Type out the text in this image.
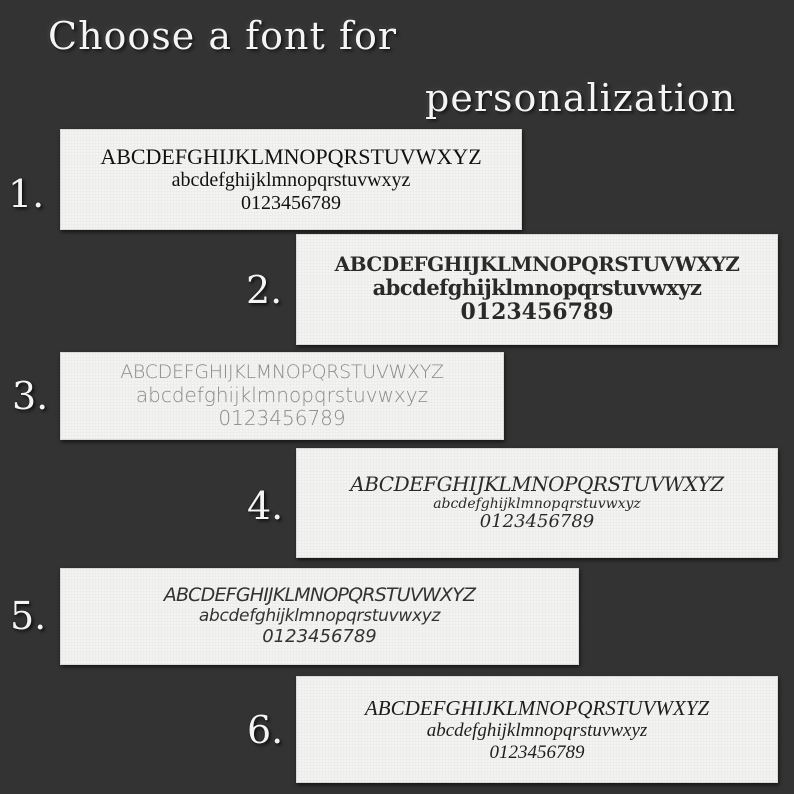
Choose a font for
personalization
1.
ABCDEFGHIJKLMNOPQRSTUVWXYZ
abcdefghijklmnopqrstuvwxyz
0123456789
2.
ABCDEFGHIJKLMNOPQRSTUVWXYZ
abcdefghijklmnopqrstuvwxyz
0123456789
3.
ABCDEFGHIJKLMNOPQRSTUVWXYZ
abcdefghijklmnopqrstuvwxyz
0123456789
4.	ABCDEFGHIJKLMNOPQRSTUVWXYZ
abcdefghijklmnopqrstuvwxyz
0123456789
5.	ABCDEFGHIJKLMNOPQRSTUVWXYZ
abcdefghijklmnopqrstuvwxyz
0123456789
6.
ABCDEFGHIJKLMNOPQRSTUVWXYZ
abcdefghijklmnopqrstuvwxyz
0123456789
